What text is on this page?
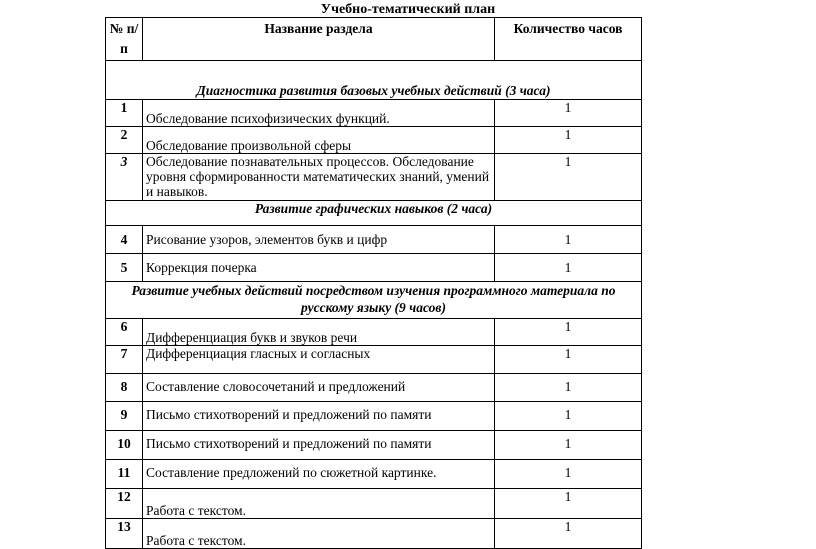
Учебно-тематический план
№ п/п	Название раздела	Количество часов
Диагностика развития базовых учебных действий (3 часа)		
1	Обследование психофизических функций.	1
2	Обследование произвольной сферы	1
3	Обследование познавательных процессов. Обследование уровня сформированности математических знаний, умений и навыков.	1
Развитие графических навыков (2 часа)		
4	Рисование узоров, элементов букв и цифр	1
5	Коррекция почерка	1
Развитие учебных действий посредством изучения программного материала по русскому языку (9 часов)		
6	Дифференциация букв и звуков речи	1
7	Дифференциация гласных и согласных	1
8	Составление словосочетаний и предложений	1
9	Письмо стихотворений и предложений по памяти	1
10	Письмо стихотворений и предложений по памяти	1
11	Составление предложений по сюжетной картинке.	1
12	Работа с текстом.	1
13	Работа с текстом.	1
